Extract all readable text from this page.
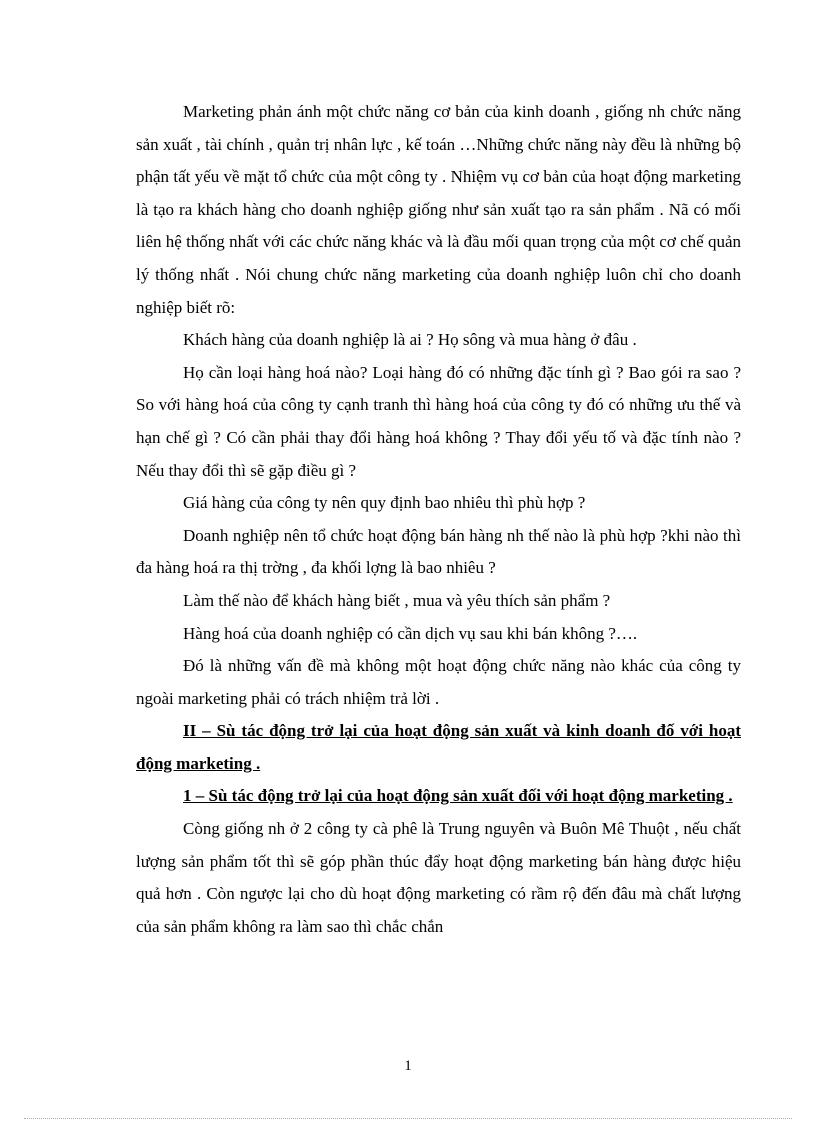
Marketing phản ánh một chức năng cơ bản của kinh doanh , giống nh chức năng sản xuất , tài chính , quản trị nhân lực , kế toán …Những chức năng này đều là những bộ phận tất yếu về mặt tổ chức của một công ty . Nhiệm vụ cơ bản của hoạt động marketing là tạo ra khách hàng cho doanh nghiệp giống như sản xuất tạo ra sản phẩm . Nã có mối liên hệ thống nhất với các chức năng khác và là đầu mối quan trọng của một cơ chế quản lý thống nhất . Nói chung chức năng marketing của doanh nghiệp luôn chỉ cho doanh nghiệp biết rõ:

Khách hàng của doanh nghiệp là ai ? Họ sông và mua hàng ở đâu .

Họ cần loại hàng hoá nào? Loại hàng đó có những đặc tính gì ? Bao gói ra sao ? So với hàng hoá của công ty cạnh tranh thì hàng hoá của công ty đó có những ưu thế và hạn chế gì ? Có cần phải thay đổi hàng hoá không ? Thay đổi yếu tố và đặc tính nào ? Nếu thay đổi thì sẽ gặp điều gì ?

Giá hàng của công ty nên quy định bao nhiêu thì phù hợp ?

Doanh nghiệp nên tổ chức hoạt động bán hàng nh thế nào là phù hợp ?khi nào thì đa hàng hoá ra thị trờng , đa khối lợng là bao nhiêu ?

Làm thế nào để khách hàng biết , mua và yêu thích sản phẩm ?

Hàng hoá của doanh nghiệp có cần dịch vụ sau khi bán không ?….

Đó là những vấn đề mà không một hoạt động chức năng nào khác của công ty ngoài marketing phải có trách nhiệm trả lời .

II – Sù tác động trở lại của hoạt động sản xuất và kinh doanh đố với hoạt động marketing .

1 – Sù tác động trở lại của hoạt động sản xuất đối với hoạt động marketing .

Còng giống nh ở 2 công ty cà phê là Trung nguyên và Buôn Mê Thuột , nếu chất lượng sản phẩm tốt thì sẽ góp phần thúc đẩy hoạt động marketing bán hàng được hiệu quả hơn . Còn ngược lại cho dù hoạt động marketing có rầm rộ đến đâu mà chất lượng của sản phẩm không ra làm sao thì chắc chắn

1
